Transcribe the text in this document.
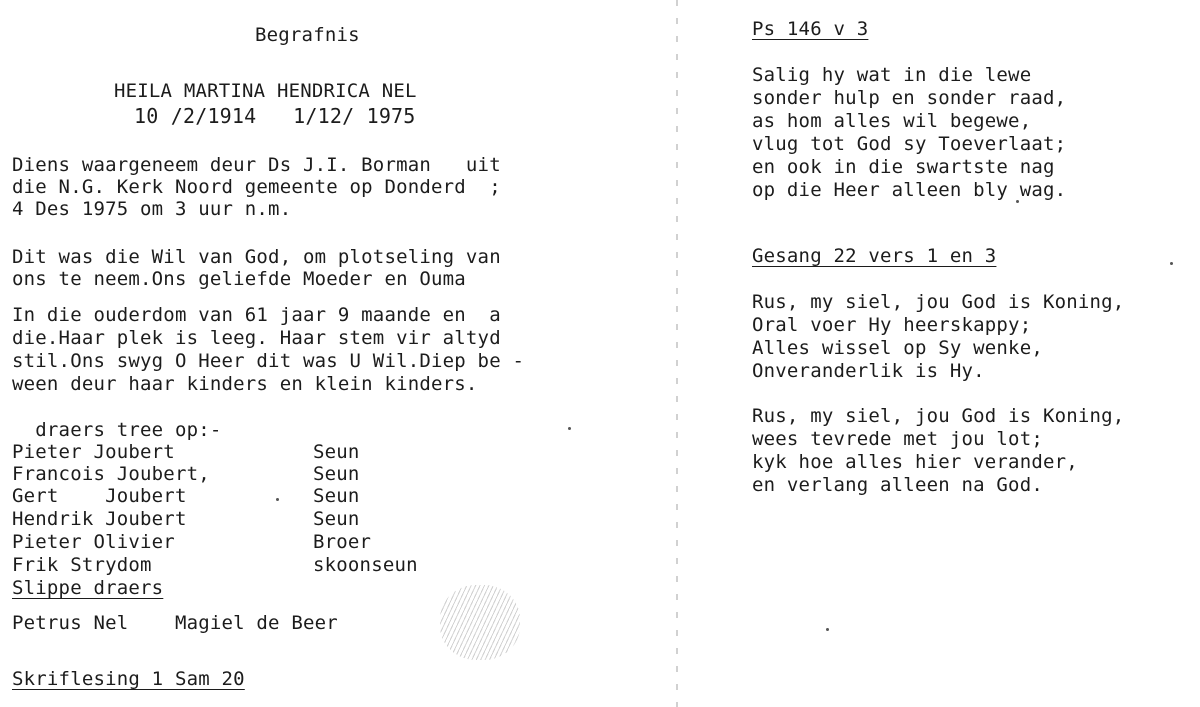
Begrafnis
HEILA MARTINA HENDRICA NEL
10 /2/1914   1/12/ 1975
Diens waargeneem deur Ds J.I. Borman   uit
die N.G. Kerk Noord gemeente op Donderd  ;
4 Des 1975 om 3 uur n.m.
Dit was die Wil van God, om plotseling van
ons te neem.Ons geliefde Moeder en Ouma
In die ouderdom van 61 jaar 9 maande en  a
die.Haar plek is leeg. Haar stem vir altyd
stil.Ons swyg O Heer dit was U Wil.Diep be -
ween deur haar kinders en klein kinders.
draers tree op:-
Pieter Joubert	Seun
Francois Joubert,	Seun
Gert    Joubert	Seun
Hendrik Joubert	Seun
Pieter Olivier	Broer
Frik Strydom	skoonseun
Slippe draers
Petrus Nel    Magiel de Beer
Skriflesing 1 Sam 20
Ps 146 v 3
Salig hy wat in die lewe
sonder hulp en sonder raad,
as hom alles wil begewe,
vlug tot God sy Toeverlaat;
en ook in die swartste nag
op die Heer alleen bly wag.
Gesang 22 vers 1 en 3
Rus, my siel, jou God is Koning,
Oral voer Hy heerskappy;
Alles wissel op Sy wenke,
Onveranderlik is Hy.
Rus, my siel, jou God is Koning,
wees tevrede met jou lot;
kyk hoe alles hier verander,
en verlang alleen na God.
